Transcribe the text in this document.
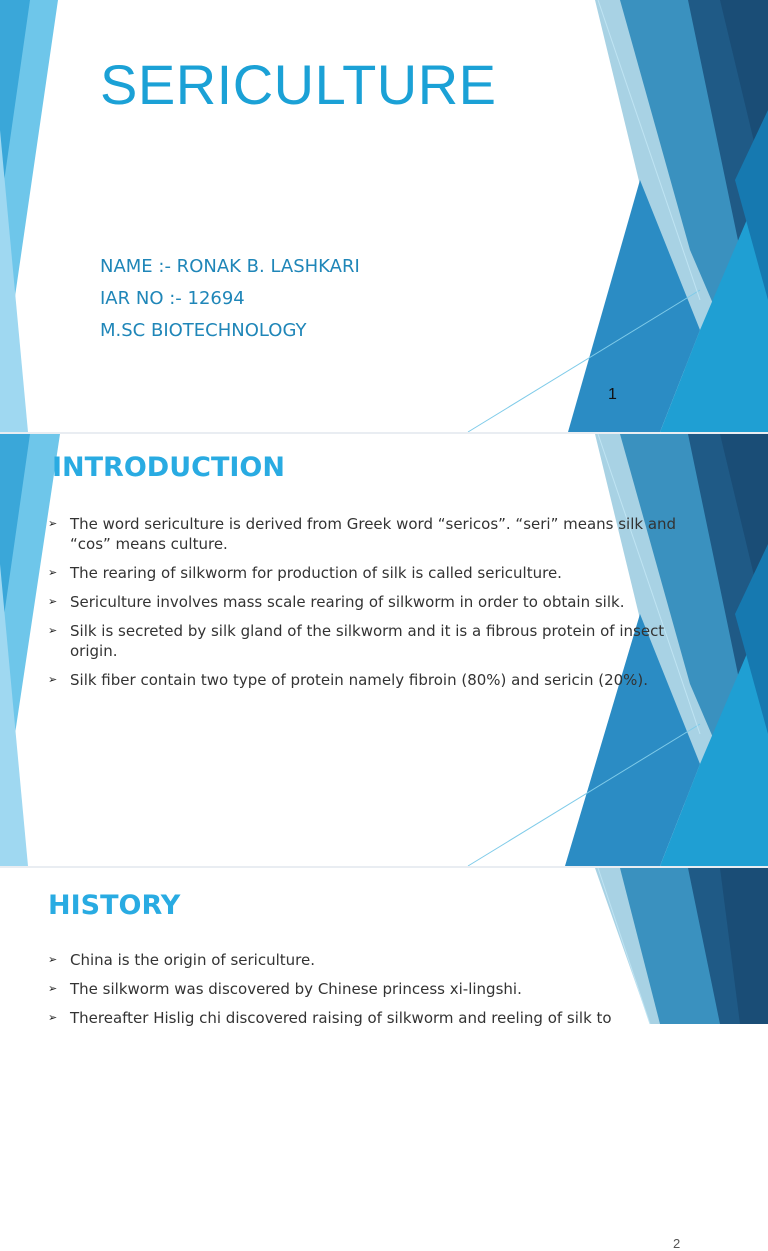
SERICULTURE

NAME :- RONAK B. LASHKARI

IAR NO :- 12694

M.SC BIOTECHNOLOGY

1
INTRODUCTION
➢ The word sericulture is derived from Greek word “sericos”. “seri” means silk and “cos” means culture.
➢ The rearing of silkworm for production of silk is called sericulture.
➢ Sericulture involves mass scale rearing of silkworm in order to obtain silk.
➢ Silk is secreted by silk gland of the silkworm and it is a fibrous protein of insect origin.
➢ Silk fiber contain two type of protein namely fibroin (80%) and sericin (20%).
2
HISTORY
➢ China is the origin of sericulture.
➢ The silkworm was discovered by Chinese princess xi-lingshi.
➢ Thereafter Hislig chi discovered raising of silkworm and reeling of silk to
